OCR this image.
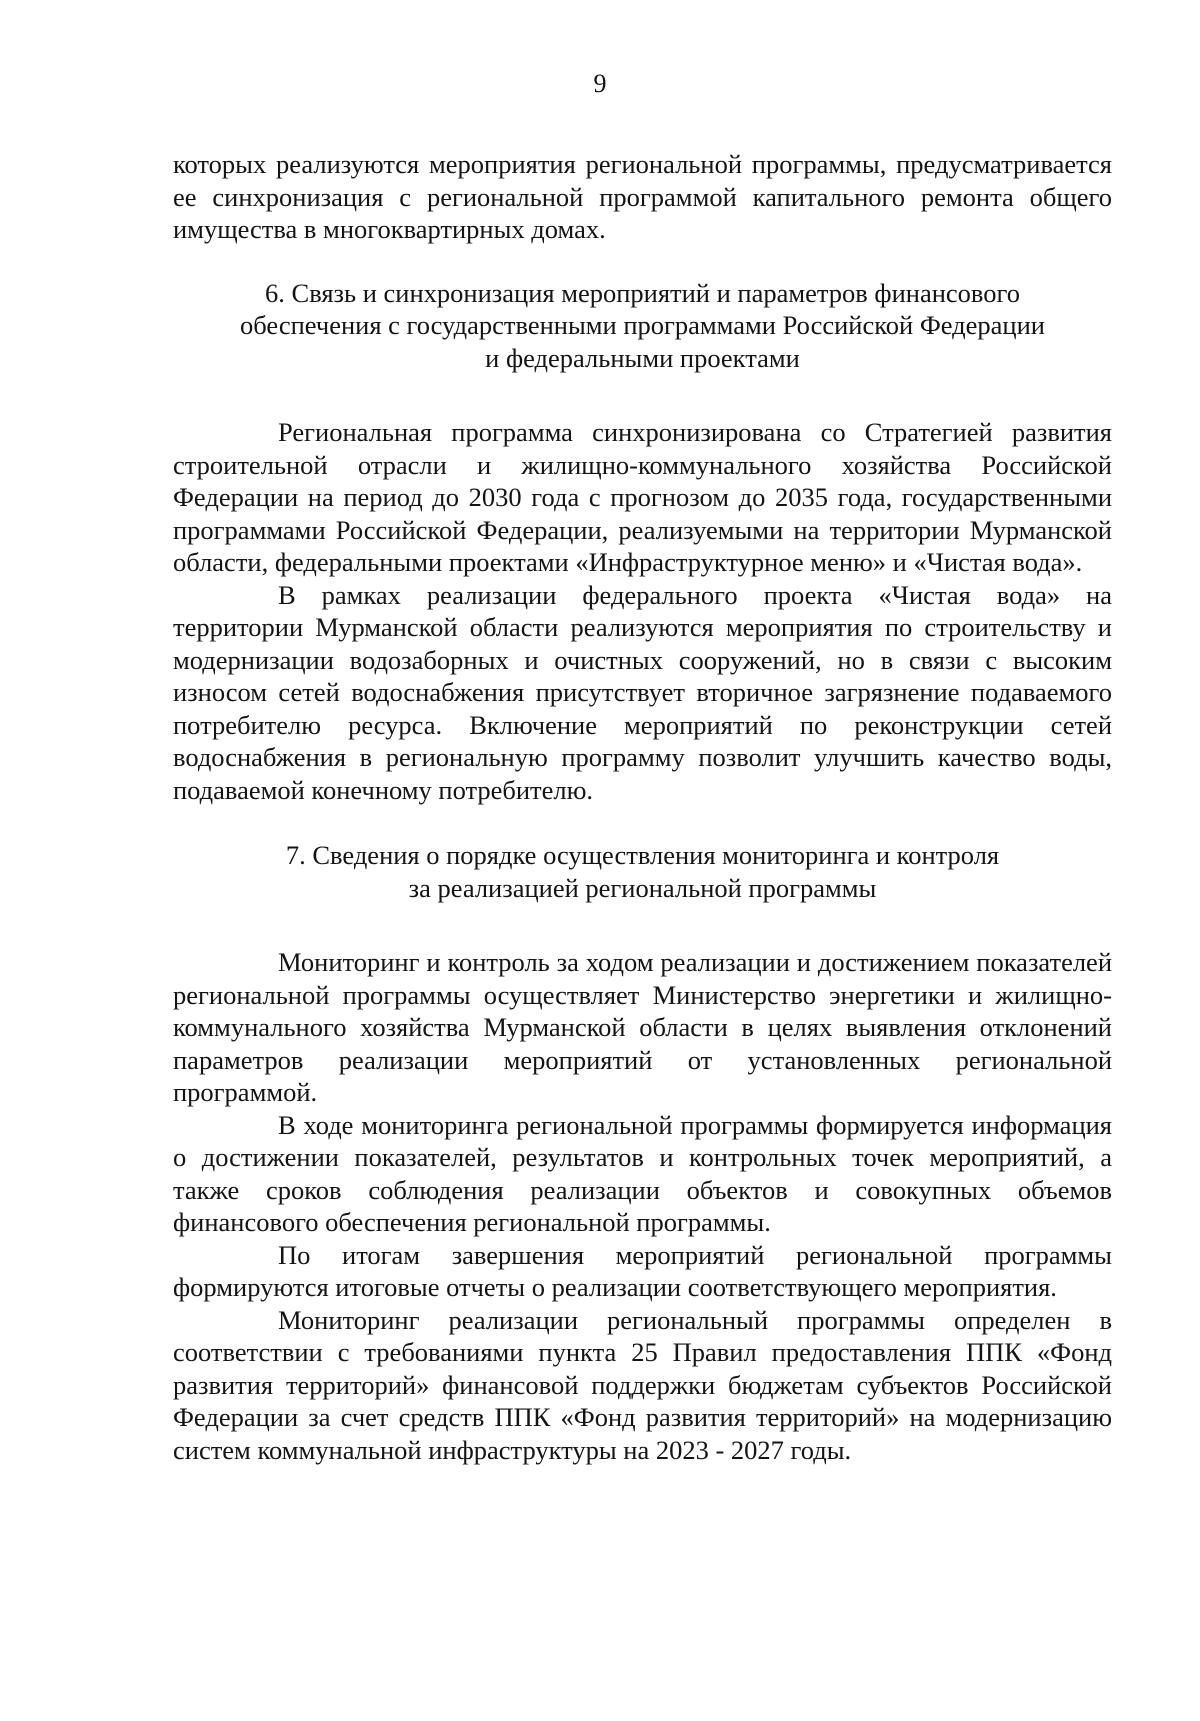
9

которых реализуются мероприятия региональной программы, предусматривается ее синхронизация с региональной программой капитального ремонта общего имущества в многоквартирных домах.

6. Связь и синхронизация мероприятий и параметров финансового
обеспечения с государственными программами Российской Федерации
и федеральными проектами

Региональная программа синхронизирована со Стратегией развития строительной отрасли и жилищно-коммунального хозяйства Российской Федерации на период до 2030 года с прогнозом до 2035 года, государственными программами Российской Федерации, реализуемыми на территории Мурманской области, федеральными проектами «Инфраструктурное меню» и «Чистая вода».

В рамках реализации федерального проекта «Чистая вода» на территории Мурманской области реализуются мероприятия по строительству и модернизации водозаборных и очистных сооружений, но в связи с высоким износом сетей водоснабжения присутствует вторичное загрязнение подаваемого потребителю ресурса. Включение мероприятий по реконструкции сетей водоснабжения в региональную программу позволит улучшить качество воды, подаваемой конечному потребителю.

7. Сведения о порядке осуществления мониторинга и контроля
за реализацией региональной программы

Мониторинг и контроль за ходом реализации и достижением показателей региональной программы осуществляет Министерство энергетики и жилищно-коммунального хозяйства Мурманской области в целях выявления отклонений параметров реализации мероприятий от установленных региональной программой.

В ходе мониторинга региональной программы формируется информация о достижении показателей, результатов и контрольных точек мероприятий, а также сроков соблюдения реализации объектов и совокупных объемов финансового обеспечения региональной программы.

По итогам завершения мероприятий региональной программы формируются итоговые отчеты о реализации соответствующего мероприятия.

Мониторинг реализации региональный программы определен в соответствии с требованиями пункта 25 Правил предоставления ППК «Фонд развития территорий» финансовой поддержки бюджетам субъектов Российской Федерации за счет средств ППК «Фонд развития территорий» на модернизацию систем коммунальной инфраструктуры на 2023 - 2027 годы.
